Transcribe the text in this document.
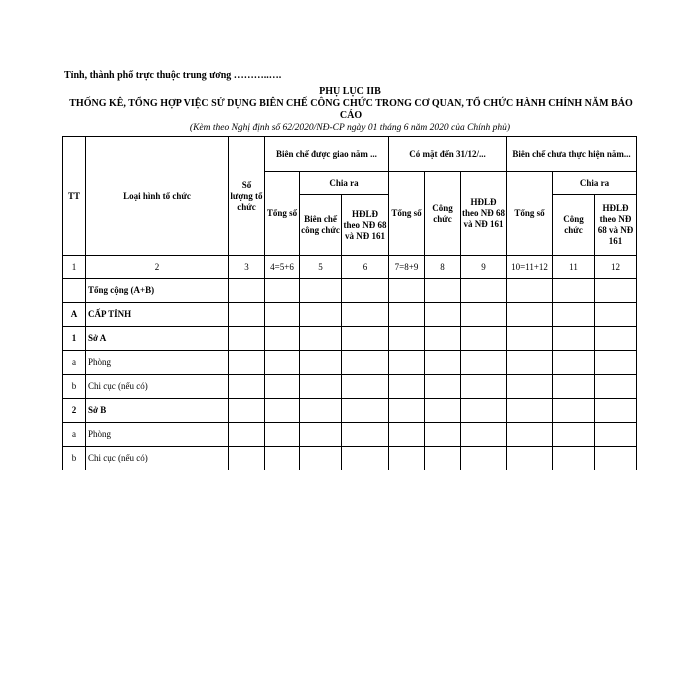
Tỉnh, thành phố trực thuộc trung ương ………..….
PHỤ LỤC IIB
THỐNG KÊ, TỔNG HỢP VIỆC SỬ DỤNG BIÊN CHẾ CÔNG CHỨC TRONG CƠ QUAN, TỔ CHỨC HÀNH CHÍNH NĂM BÁO CÁO
(Kèm theo Nghị định số 62/2020/NĐ-CP ngày 01 tháng 6 năm 2020 của Chính phủ)
TT	Loại hình tổ chức	Số lượng tổ chức	Biên chế được giao năm ...			Có mặt đến 31/12/...			Biên chế chưa thực hiện năm...		
			Tổng số	Chia ra		Tổng số	Công chức	HĐLĐ theo NĐ 68 và NĐ 161	Tổng số	Chia ra	
				Biên chế công chức	HĐLĐ theo NĐ 68 và NĐ 161					Công chức	HĐLĐ theo NĐ 68 và NĐ 161
1	2	3	4=5+6	5	6	7=8+9	8	9	10=11+12	11	12
	Tổng cộng (A+B)										
A	CẤP TỈNH										
1	Sở A										
a	Phòng										
b	Chi cục (nếu có)										
2	Sở B										
a	Phòng										
b	Chi cục (nếu có)										
